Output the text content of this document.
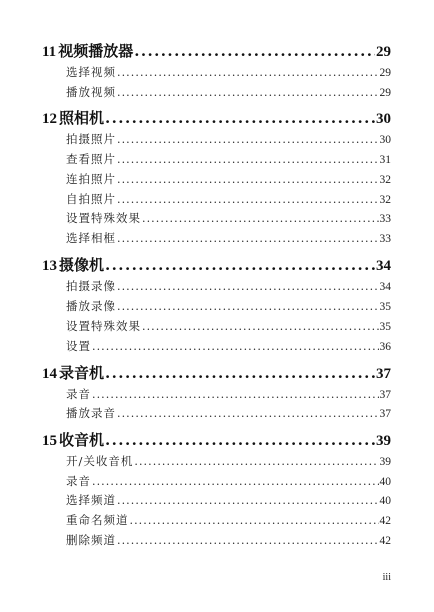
11 视频播放器 . . .	29
选择视频 . . .	29
播放视频 . . .	29
12 照相机 . . .	30
拍摄照片 . . .	30
查看照片 . . .	31
连拍照片 . . .	32
自拍照片 . . .	32
设置特殊效果 . . .	33
选择相框 . . .	33
13 摄像机 . . .	34
拍摄录像 . . .	34
播放录像 . . .	35
设置特殊效果 . . .	35
设置 . . .	36
14 录音机 . . .	37
录音 . . .	37
播放录音 . . .	37
15 收音机 . . .	39
开/关收音机 . . .	39
录音 . . .	40
选择频道 . . .	40
重命名频道 . . .	42
删除频道 . . .	42
iii
